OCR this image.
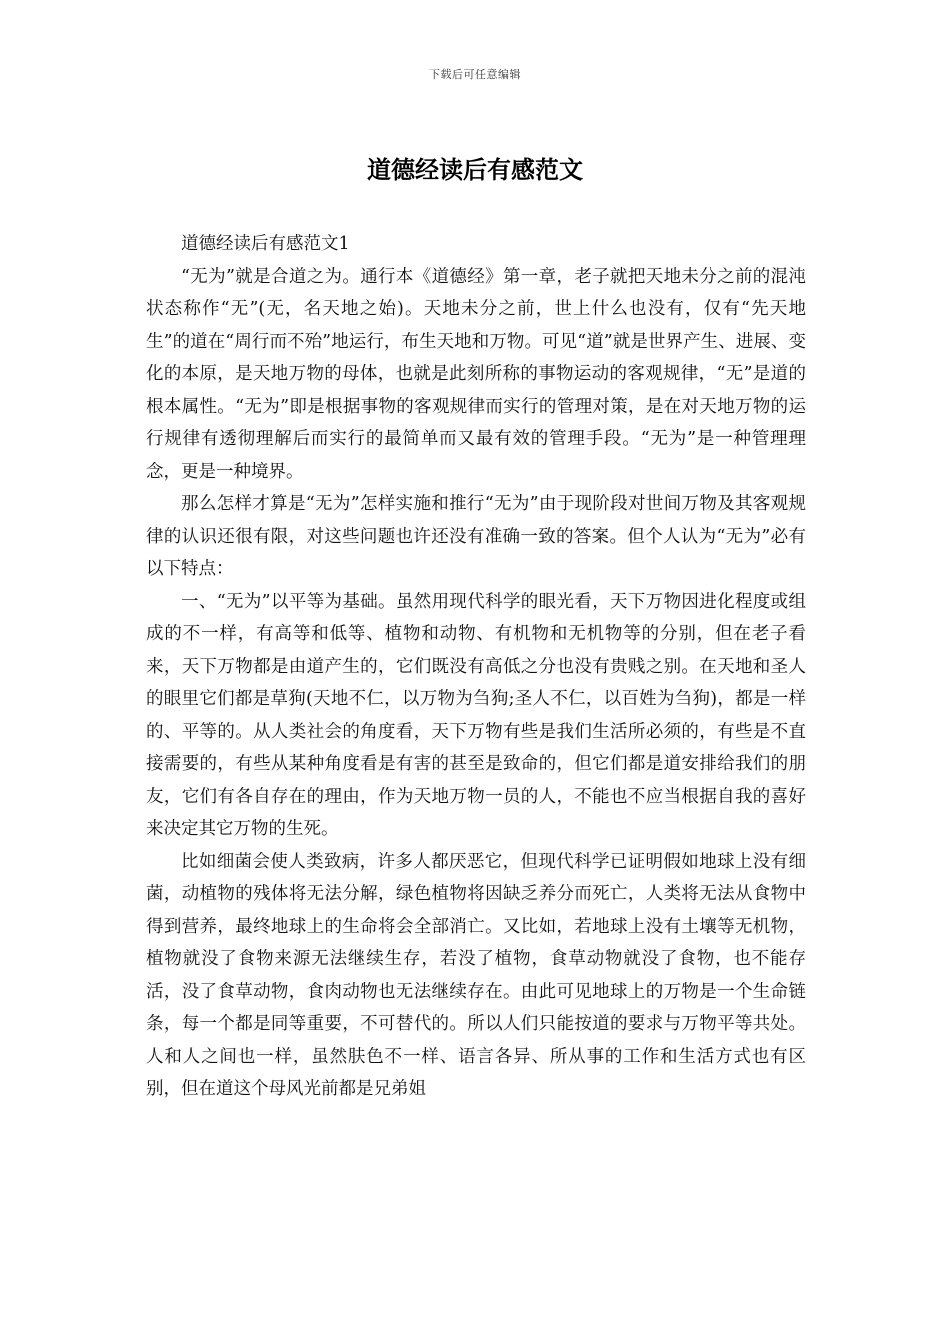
下载后可任意编辑
道德经读后有感范文

道德经读后有感范文1

“无为”就是合道之为。通行本《道德经》第一章，老子就把天地未分之前的混沌状态称作“无”(无，名天地之始)。天地未分之前，世上什么也没有，仅有“先天地生”的道在“周行而不殆”地运行，布生天地和万物。可见“道”就是世界产生、进展、变化的本原，是天地万物的母体，也就是此刻所称的事物运动的客观规律，“无”是道的根本属性。“无为”即是根据事物的客观规律而实行的管理对策，是在对天地万物的运行规律有透彻理解后而实行的最简单而又最有效的管理手段。“无为”是一种管理理念，更是一种境界。

那么怎样才算是“无为”怎样实施和推行“无为”由于现阶段对世间万物及其客观规律的认识还很有限，对这些问题也许还没有准确一致的答案。但个人认为“无为”必有以下特点：

一、“无为”以平等为基础。虽然用现代科学的眼光看，天下万物因进化程度或组成的不一样，有高等和低等、植物和动物、有机物和无机物等的分别，但在老子看来，天下万物都是由道产生的，它们既没有高低之分也没有贵贱之别。在天地和圣人的眼里它们都是草狗(天地不仁，以万物为刍狗;圣人不仁，以百姓为刍狗)，都是一样的、平等的。从人类社会的角度看，天下万物有些是我们生活所必须的，有些是不直接需要的，有些从某种角度看是有害的甚至是致命的，但它们都是道安排给我们的朋友，它们有各自存在的理由，作为天地万物一员的人，不能也不应当根据自我的喜好来决定其它万物的生死。

比如细菌会使人类致病，许多人都厌恶它，但现代科学已证明假如地球上没有细菌，动植物的残体将无法分解，绿色植物将因缺乏养分而死亡，人类将无法从食物中得到营养，最终地球上的生命将会全部消亡。又比如，若地球上没有土壤等无机物，植物就没了食物来源无法继续生存，若没了植物，食草动物就没了食物，也不能存活，没了食草动物，食肉动物也无法继续存在。由此可见地球上的万物是一个生命链条，每一个都是同等重要，不可替代的。所以人们只能按道的要求与万物平等共处。人和人之间也一样，虽然肤色不一样、语言各异、所从事的工作和生活方式也有区别，但在道这个母风光前都是兄弟姐
